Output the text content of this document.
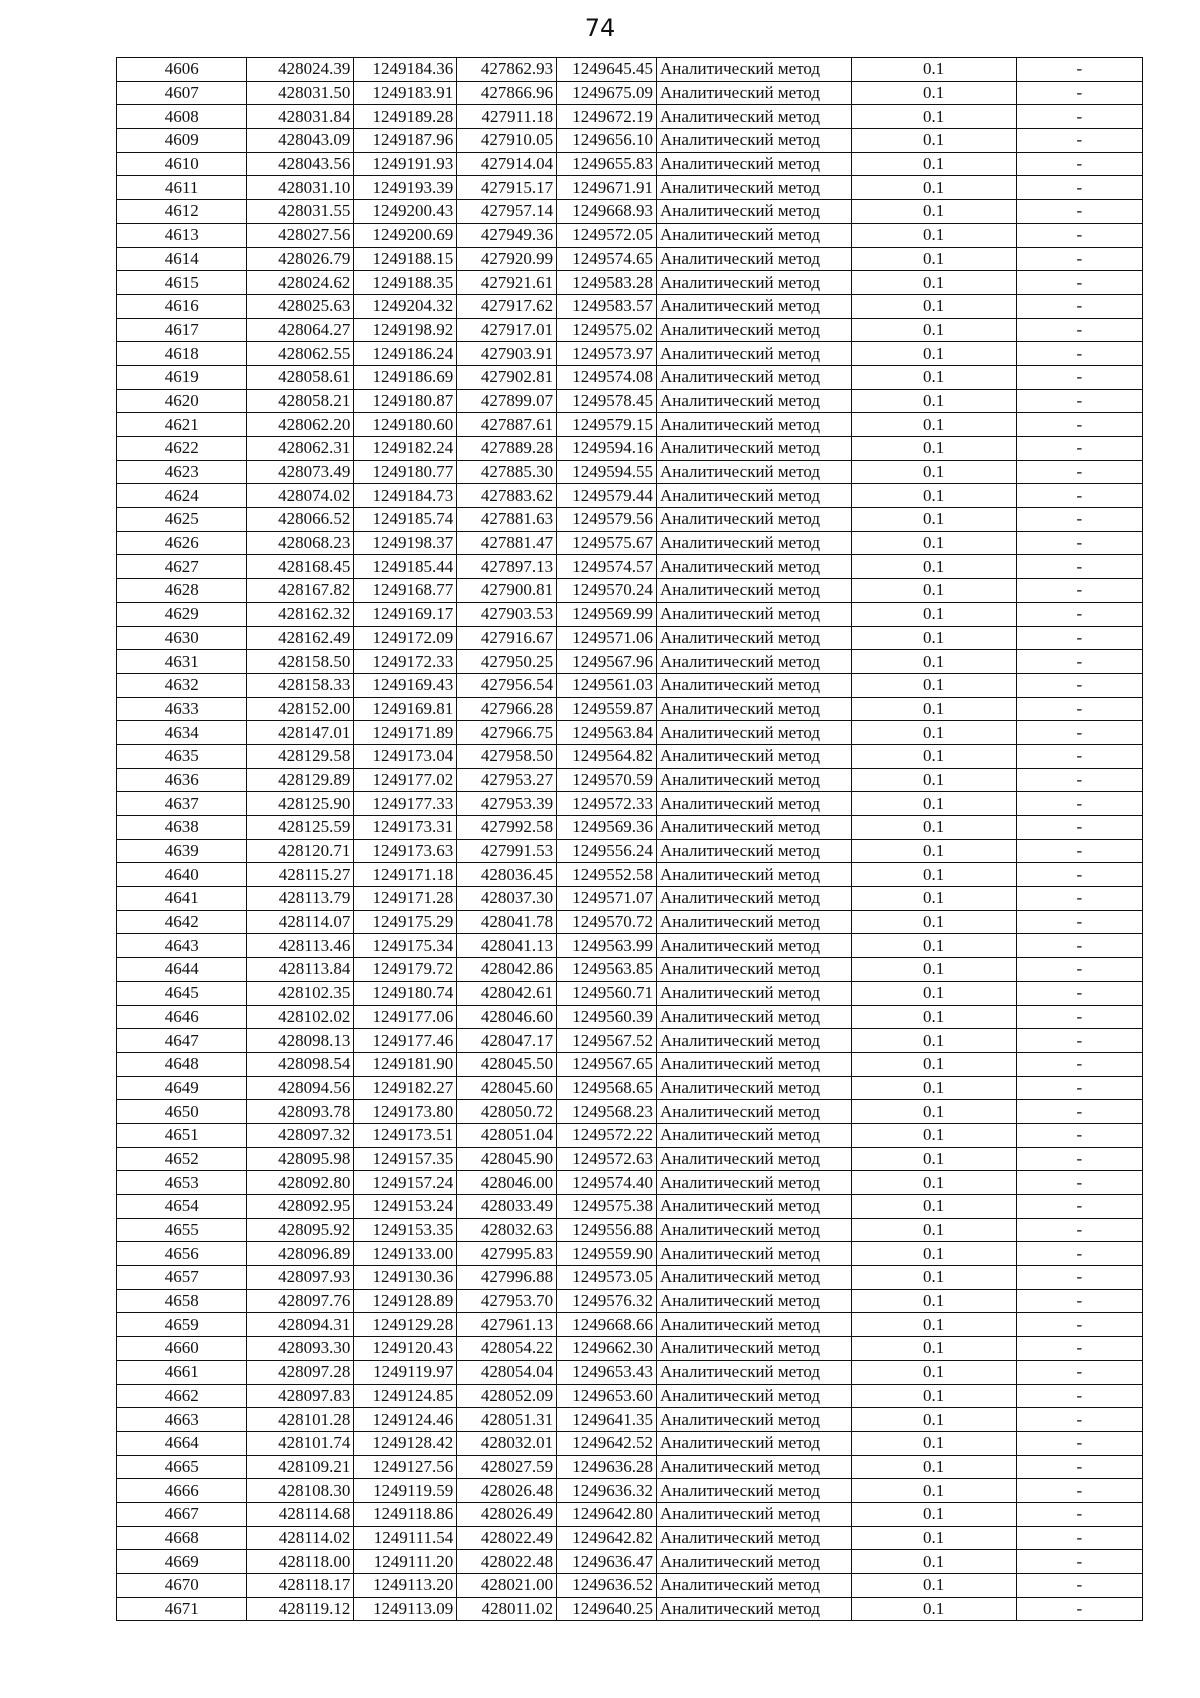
74
4606	428024.39	1249184.36	427862.93	1249645.45	Аналитический метод	0.1	-
4607	428031.50	1249183.91	427866.96	1249675.09	Аналитический метод	0.1	-
4608	428031.84	1249189.28	427911.18	1249672.19	Аналитический метод	0.1	-
4609	428043.09	1249187.96	427910.05	1249656.10	Аналитический метод	0.1	-
4610	428043.56	1249191.93	427914.04	1249655.83	Аналитический метод	0.1	-
4611	428031.10	1249193.39	427915.17	1249671.91	Аналитический метод	0.1	-
4612	428031.55	1249200.43	427957.14	1249668.93	Аналитический метод	0.1	-
4613	428027.56	1249200.69	427949.36	1249572.05	Аналитический метод	0.1	-
4614	428026.79	1249188.15	427920.99	1249574.65	Аналитический метод	0.1	-
4615	428024.62	1249188.35	427921.61	1249583.28	Аналитический метод	0.1	-
4616	428025.63	1249204.32	427917.62	1249583.57	Аналитический метод	0.1	-
4617	428064.27	1249198.92	427917.01	1249575.02	Аналитический метод	0.1	-
4618	428062.55	1249186.24	427903.91	1249573.97	Аналитический метод	0.1	-
4619	428058.61	1249186.69	427902.81	1249574.08	Аналитический метод	0.1	-
4620	428058.21	1249180.87	427899.07	1249578.45	Аналитический метод	0.1	-
4621	428062.20	1249180.60	427887.61	1249579.15	Аналитический метод	0.1	-
4622	428062.31	1249182.24	427889.28	1249594.16	Аналитический метод	0.1	-
4623	428073.49	1249180.77	427885.30	1249594.55	Аналитический метод	0.1	-
4624	428074.02	1249184.73	427883.62	1249579.44	Аналитический метод	0.1	-
4625	428066.52	1249185.74	427881.63	1249579.56	Аналитический метод	0.1	-
4626	428068.23	1249198.37	427881.47	1249575.67	Аналитический метод	0.1	-
4627	428168.45	1249185.44	427897.13	1249574.57	Аналитический метод	0.1	-
4628	428167.82	1249168.77	427900.81	1249570.24	Аналитический метод	0.1	-
4629	428162.32	1249169.17	427903.53	1249569.99	Аналитический метод	0.1	-
4630	428162.49	1249172.09	427916.67	1249571.06	Аналитический метод	0.1	-
4631	428158.50	1249172.33	427950.25	1249567.96	Аналитический метод	0.1	-
4632	428158.33	1249169.43	427956.54	1249561.03	Аналитический метод	0.1	-
4633	428152.00	1249169.81	427966.28	1249559.87	Аналитический метод	0.1	-
4634	428147.01	1249171.89	427966.75	1249563.84	Аналитический метод	0.1	-
4635	428129.58	1249173.04	427958.50	1249564.82	Аналитический метод	0.1	-
4636	428129.89	1249177.02	427953.27	1249570.59	Аналитический метод	0.1	-
4637	428125.90	1249177.33	427953.39	1249572.33	Аналитический метод	0.1	-
4638	428125.59	1249173.31	427992.58	1249569.36	Аналитический метод	0.1	-
4639	428120.71	1249173.63	427991.53	1249556.24	Аналитический метод	0.1	-
4640	428115.27	1249171.18	428036.45	1249552.58	Аналитический метод	0.1	-
4641	428113.79	1249171.28	428037.30	1249571.07	Аналитический метод	0.1	-
4642	428114.07	1249175.29	428041.78	1249570.72	Аналитический метод	0.1	-
4643	428113.46	1249175.34	428041.13	1249563.99	Аналитический метод	0.1	-
4644	428113.84	1249179.72	428042.86	1249563.85	Аналитический метод	0.1	-
4645	428102.35	1249180.74	428042.61	1249560.71	Аналитический метод	0.1	-
4646	428102.02	1249177.06	428046.60	1249560.39	Аналитический метод	0.1	-
4647	428098.13	1249177.46	428047.17	1249567.52	Аналитический метод	0.1	-
4648	428098.54	1249181.90	428045.50	1249567.65	Аналитический метод	0.1	-
4649	428094.56	1249182.27	428045.60	1249568.65	Аналитический метод	0.1	-
4650	428093.78	1249173.80	428050.72	1249568.23	Аналитический метод	0.1	-
4651	428097.32	1249173.51	428051.04	1249572.22	Аналитический метод	0.1	-
4652	428095.98	1249157.35	428045.90	1249572.63	Аналитический метод	0.1	-
4653	428092.80	1249157.24	428046.00	1249574.40	Аналитический метод	0.1	-
4654	428092.95	1249153.24	428033.49	1249575.38	Аналитический метод	0.1	-
4655	428095.92	1249153.35	428032.63	1249556.88	Аналитический метод	0.1	-
4656	428096.89	1249133.00	427995.83	1249559.90	Аналитический метод	0.1	-
4657	428097.93	1249130.36	427996.88	1249573.05	Аналитический метод	0.1	-
4658	428097.76	1249128.89	427953.70	1249576.32	Аналитический метод	0.1	-
4659	428094.31	1249129.28	427961.13	1249668.66	Аналитический метод	0.1	-
4660	428093.30	1249120.43	428054.22	1249662.30	Аналитический метод	0.1	-
4661	428097.28	1249119.97	428054.04	1249653.43	Аналитический метод	0.1	-
4662	428097.83	1249124.85	428052.09	1249653.60	Аналитический метод	0.1	-
4663	428101.28	1249124.46	428051.31	1249641.35	Аналитический метод	0.1	-
4664	428101.74	1249128.42	428032.01	1249642.52	Аналитический метод	0.1	-
4665	428109.21	1249127.56	428027.59	1249636.28	Аналитический метод	0.1	-
4666	428108.30	1249119.59	428026.48	1249636.32	Аналитический метод	0.1	-
4667	428114.68	1249118.86	428026.49	1249642.80	Аналитический метод	0.1	-
4668	428114.02	1249111.54	428022.49	1249642.82	Аналитический метод	0.1	-
4669	428118.00	1249111.20	428022.48	1249636.47	Аналитический метод	0.1	-
4670	428118.17	1249113.20	428021.00	1249636.52	Аналитический метод	0.1	-
4671	428119.12	1249113.09	428011.02	1249640.25	Аналитический метод	0.1	-
